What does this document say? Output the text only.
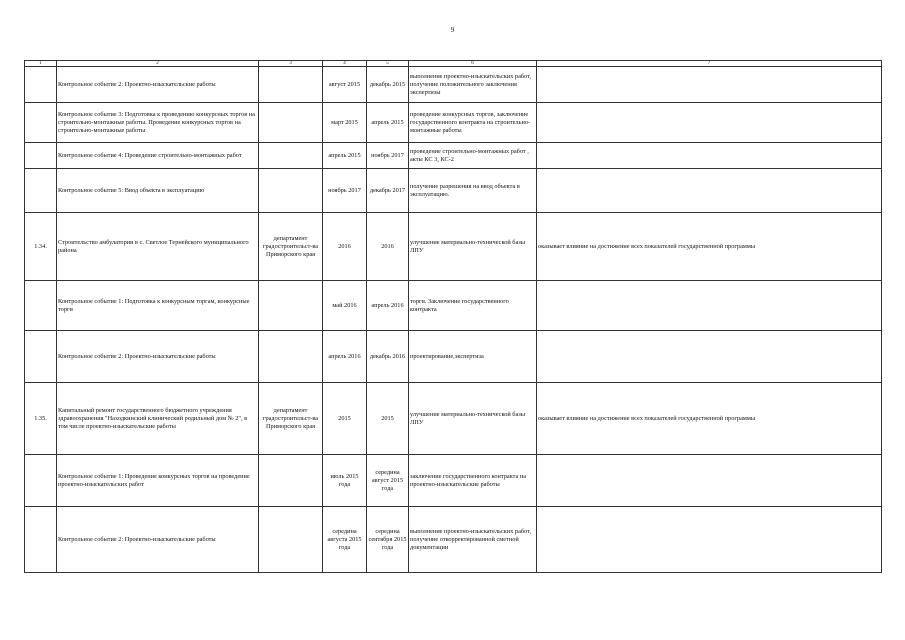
9
1	2	3	4	5	6	7
	Контрольное событие 2: Проектно-изыскательские работы		август 2015	декабрь 2015	выполнение проектно-изыскательских работ, получение положительного заключения экспертизы	
	Контрольное событие 3: Подготовка к проведению конкурсных торгов на строительно-монтажные работы. Проведение конкурсных торгов на строительно-монтажные работы		март 2015	апрель 2015	проведение конкурсных торгов, заключение государственного контракта на строительно-монтажные работы	
	Контрольное событие 4: Проведение строительно-монтажных работ		апрель 2015	ноябрь 2017	проведение строительно-монтажных работ , акты КС 3, КС-2	
	Контрольное событие 5: Ввод объекта в эксплуатацию		ноябрь 2017	декабрь 2017	получение разрешения на ввод объекта в эксплуатацию.	
1.34.	Строительство амбулатории в с. Светлое Тернейского муниципального района	департамент градостроительст-ва Приморского края	2016	2016	улучшение материально-технической базы ЛПУ	оказывает влияние на достижение всех показателей государственной программы
	Контрольное событие 1: Подготовка к конкурсным торгам, конкурсные торги		май 2016	апрель 2016	торги. Заключение государственного контракта	
	Контрольное событие 2: Проектно-изыскательские работы		апрель 2016	декабрь 2016	проектирование,экспертиза	
1.35.	Капитальный ремонт государственного бюджетного учреждения здравоохранения "Находкинский клинический родильный дом № 2", в том числе проектно-изыскательские работы	департамент градостроительст-ва Приморского края	2015	2015	улучшение материально-технической базы ЛПУ	оказывает влияние на достижение всех показателей государственной программы
	Контрольное событие 1: Проведение конкурсных торгов на проведение проектно-изыскательских работ		июль 2015 года	середина август 2015 года	заключение государственного контракта на проектно-изыскательские работы	
	Контрольное событие 2: Проектно-изыскательские работы		середина августа 2015 года	середина сентября 2015 года	выполнение проектно-изыскательских работ, получение откорректированной сметной документации	
